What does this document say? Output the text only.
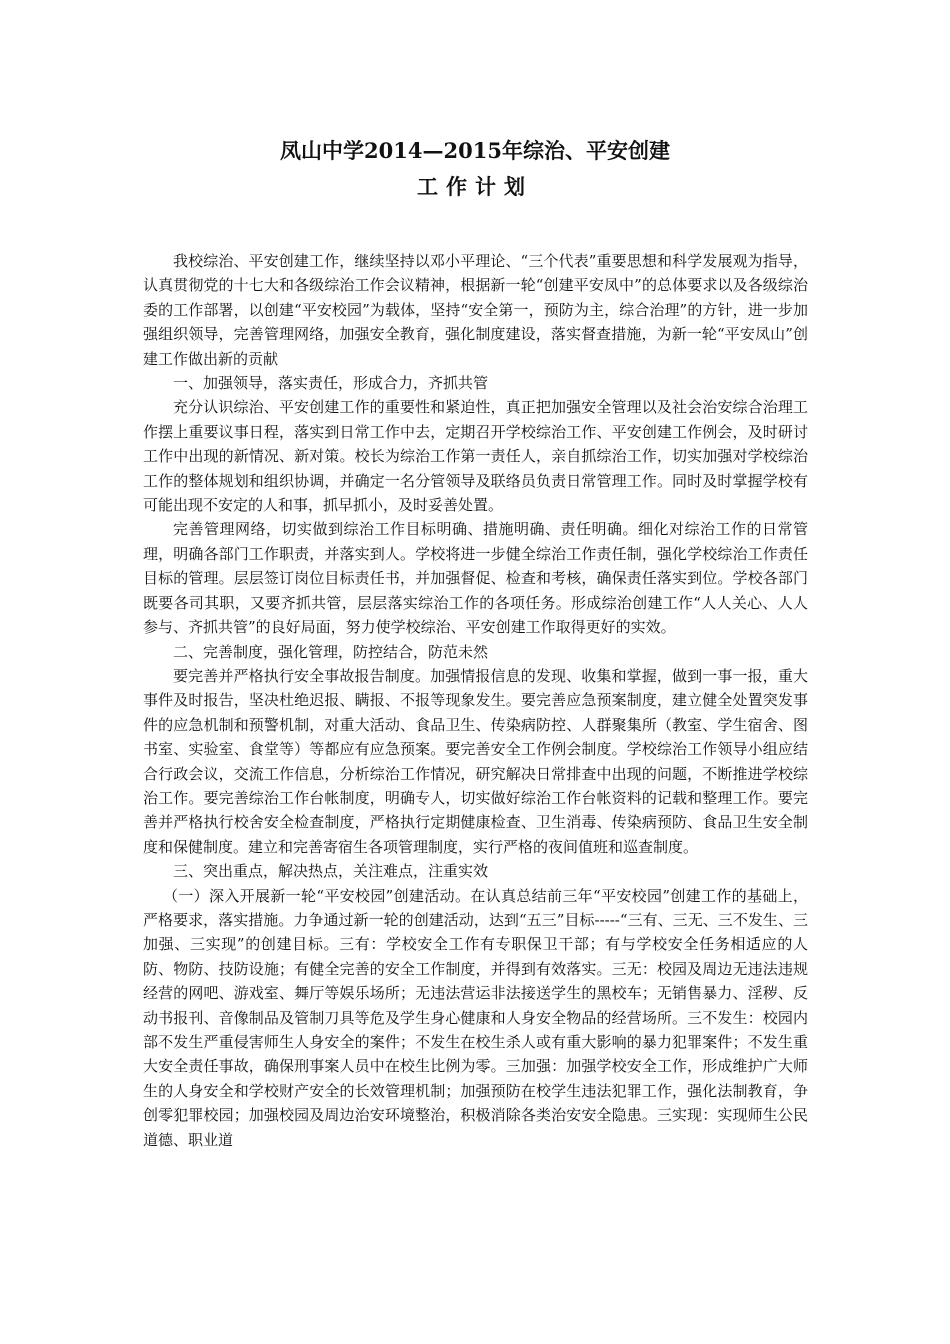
凤山中学2014—2015年综治、平安创建
工作计划

我校综治、平安创建工作，继续坚持以邓小平理论、“三个代表”重要思想和科学发展观为指导，认真贯彻党的十七大和各级综治工作会议精神，根据新一轮“创建平安凤中”的总体要求以及各级综治委的工作部署，以创建“平安校园”为载体，坚持“安全第一，预防为主，综合治理”的方针，进一步加强组织领导，完善管理网络，加强安全教育，强化制度建设，落实督查措施，为新一轮“平安凤山”创建工作做出新的贡献

一、加强领导，落实责任，形成合力，齐抓共管

充分认识综治、平安创建工作的重要性和紧迫性，真正把加强安全管理以及社会治安综合治理工作摆上重要议事日程，落实到日常工作中去，定期召开学校综治工作、平安创建工作例会，及时研讨工作中出现的新情况、新对策。校长为综治工作第一责任人，亲自抓综治工作，切实加强对学校综治工作的整体规划和组织协调，并确定一名分管领导及联络员负责日常管理工作。同时及时掌握学校有可能出现不安定的人和事，抓早抓小，及时妥善处置。

完善管理网络，切实做到综治工作目标明确、措施明确、责任明确。细化对综治工作的日常管理，明确各部门工作职责，并落实到人。学校将进一步健全综治工作责任制，强化学校综治工作责任目标的管理。层层签订岗位目标责任书，并加强督促、检查和考核，确保责任落实到位。学校各部门既要各司其职，又要齐抓共管，层层落实综治工作的各项任务。形成综治创建工作“人人关心、人人参与、齐抓共管”的良好局面，努力使学校综治、平安创建工作取得更好的实效。

二、完善制度，强化管理，防控结合，防范未然

要完善并严格执行安全事故报告制度。加强情报信息的发现、收集和掌握，做到一事一报，重大事件及时报告，坚决杜绝迟报、瞒报、不报等现象发生。要完善应急预案制度，建立健全处置突发事件的应急机制和预警机制，对重大活动、食品卫生、传染病防控、人群聚集所（教室、学生宿舍、图书室、实验室、食堂等）等都应有应急预案。要完善安全工作例会制度。学校综治工作领导小组应结合行政会议，交流工作信息，分析综治工作情况，研究解决日常排查中出现的问题，不断推进学校综治工作。要完善综治工作台帐制度，明确专人，切实做好综治工作台帐资料的记载和整理工作。要完善并严格执行校舍安全检查制度，严格执行定期健康检查、卫生消毒、传染病预防、食品卫生安全制度和保健制度。建立和完善寄宿生各项管理制度，实行严格的夜间值班和巡查制度。

三、突出重点，解决热点，关注难点，注重实效

（一）深入开展新一轮“平安校园”创建活动。在认真总结前三年“平安校园”创建工作的基础上，严格要求，落实措施。力争通过新一轮的创建活动，达到“五三”目标-----“三有、三无、三不发生、三加强、三实现”的创建目标。三有：学校安全工作有专职保卫干部；有与学校安全任务相适应的人防、物防、技防设施；有健全完善的安全工作制度，并得到有效落实。三无：校园及周边无违法违规经营的网吧、游戏室、舞厅等娱乐场所；无违法营运非法接送学生的黑校车；无销售暴力、淫秽、反动书报刊、音像制品及管制刀具等危及学生身心健康和人身安全物品的经营场所。三不发生：校园内部不发生严重侵害师生人身安全的案件；不发生在校生杀人或有重大影响的暴力犯罪案件；不发生重大安全责任事故，确保刑事案人员中在校生比例为零。三加强：加强学校安全工作，形成维护广大师生的人身安全和学校财产安全的长效管理机制；加强预防在校学生违法犯罪工作，强化法制教育，争创零犯罪校园；加强校园及周边治安环境整治，积极消除各类治安安全隐患。三实现：实现师生公民道德、职业道
